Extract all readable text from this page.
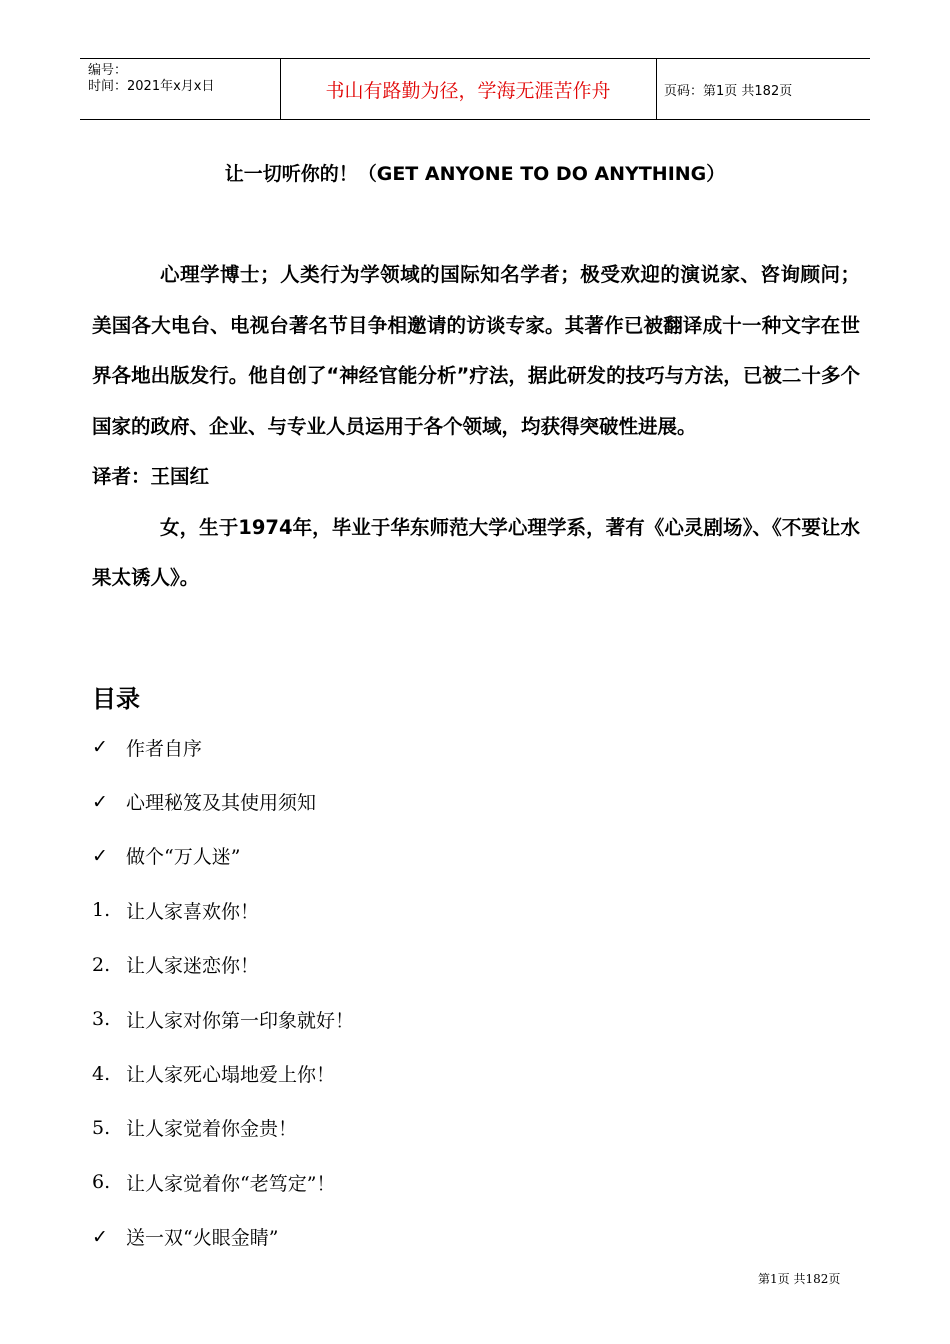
编号：
时间：2021年x月x日	书山有路勤为径，学海无涯苦作舟	页码：第1页 共182页
让一切听你的！（GET ANYONE TO DO ANYTHING）

心理学博士；人类行为学领域的国际知名学者；极受欢迎的演说家、咨询顾问；美国各大电台、电视台著名节目争相邀请的访谈专家。其著作已被翻译成十一种文字在世界各地出版发行。他自创了“神经官能分析”疗法，据此研发的技巧与方法，已被二十多个国家的政府、企业、与专业人员运用于各个领域，均获得突破性进展。

译者：王国红

女，生于1974年，毕业于华东师范大学心理学系，著有《心灵剧场》、《不要让水果太诱人》。

目录
✓ 作者自序
✓ 心理秘笈及其使用须知
✓ 做个“万人迷”
1. 让人家喜欢你！
2. 让人家迷恋你！
3. 让人家对你第一印象就好！
4. 让人家死心塌地爱上你！
5. 让人家觉着你金贵！
6. 让人家觉着你“老笃定”！
✓ 送一双“火眼金睛”
第1页 共182页
